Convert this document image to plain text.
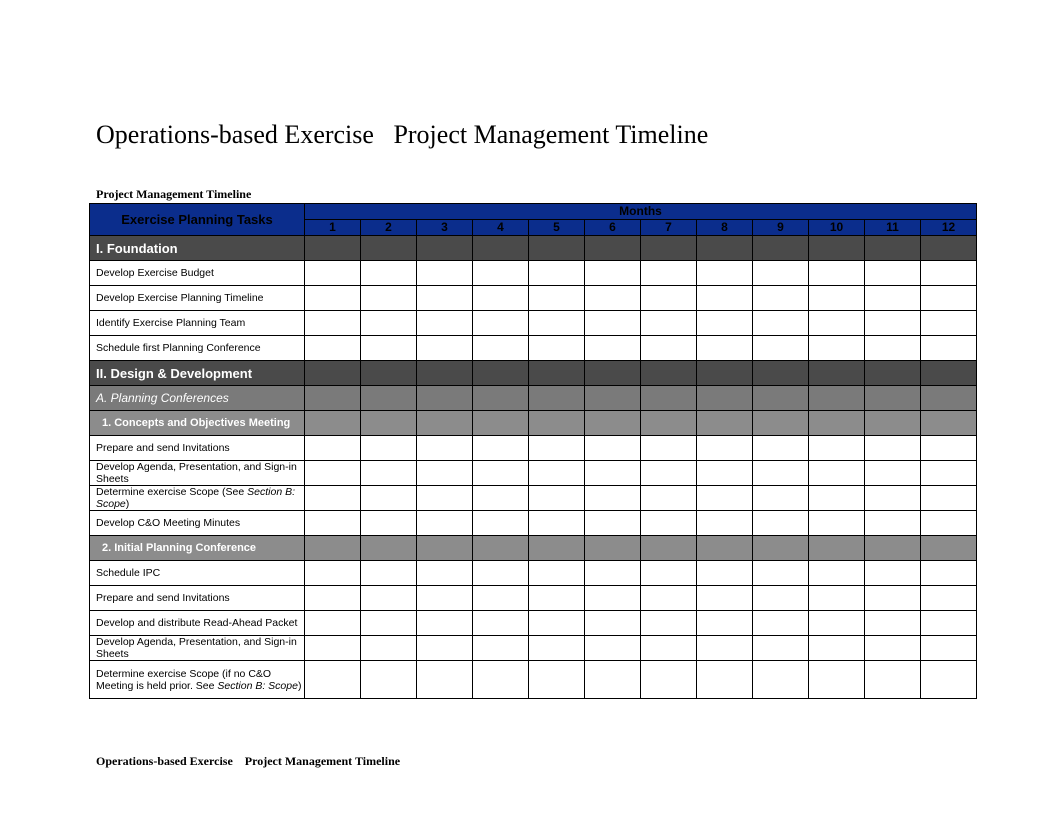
Operations-based Exercise   Project Management Timeline
Project Management Timeline
Exercise Planning Tasks	Months											
	1	2	3	4	5	6	7	8	9	10	11	12
I. Foundation												
Develop Exercise Budget												
Develop Exercise Planning Timeline												
Identify Exercise Planning Team												
Schedule first Planning Conference												
II. Design & Development												
A. Planning Conferences												
1. Concepts and Objectives Meeting												
Prepare and send Invitations												
Develop Agenda, Presentation, and Sign-in Sheets												
Determine exercise Scope (See Section B: Scope)												
Develop C&O Meeting Minutes												
2. Initial Planning Conference												
Schedule IPC												
Prepare and send Invitations												
Develop and distribute Read-Ahead Packet												
Develop Agenda, Presentation, and Sign-in Sheets												
Determine exercise Scope (if no C&O Meeting is held prior. See Section B: Scope)												
Operations-based Exercise    Project Management Timeline
